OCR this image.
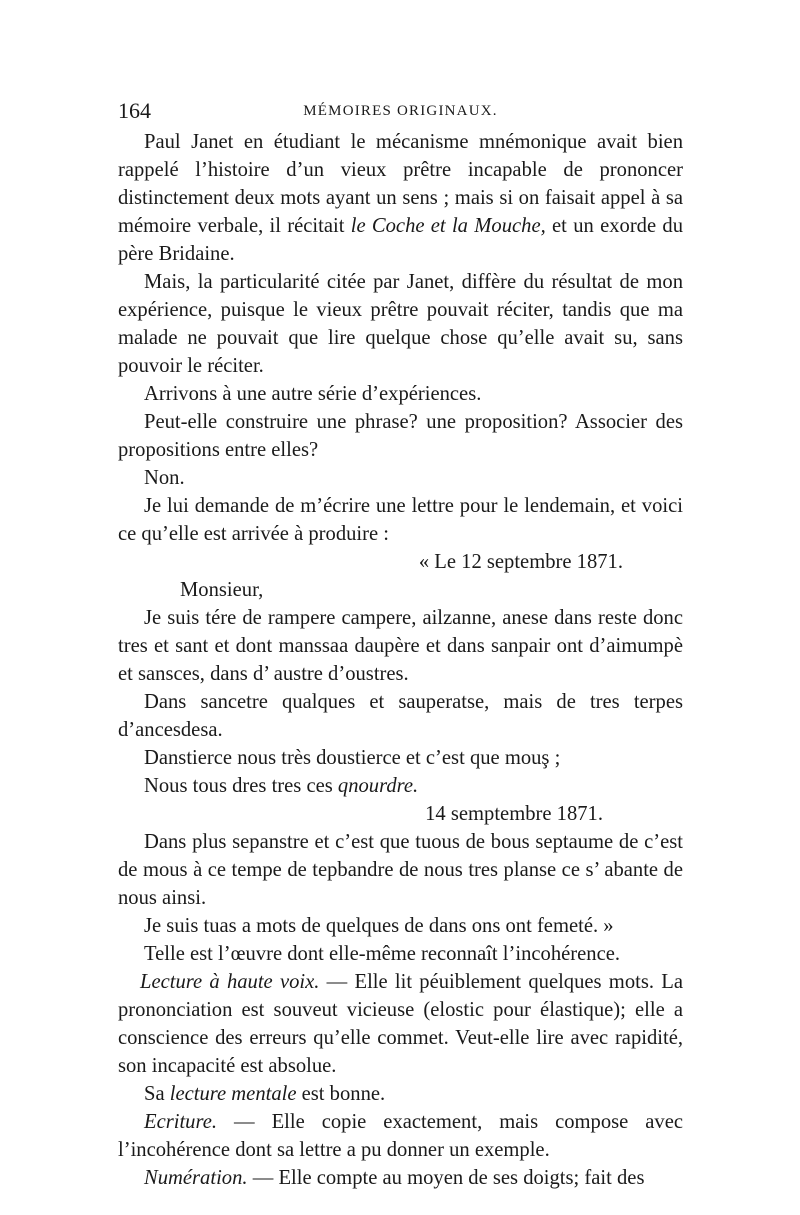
164	MÉMOIRES ORIGINAUX.

Paul Janet en étudiant le mécanisme mnémonique avait bien rappelé l’histoire d’un vieux prêtre incapable de prononcer distinctement deux mots ayant un sens ; mais si on faisait appel à sa mémoire verbale, il récitait le Coche et la Mouche, et un exorde du père Bridaine.

Mais, la particularité citée par Janet, diffère du résultat de mon expérience, puisque le vieux prêtre pouvait réciter, tandis que ma malade ne pouvait que lire quelque chose qu’elle avait su, sans pouvoir le réciter.

Arrivons à une autre série d’expériences.

Peut-elle construire une phrase? une proposition? Associer des propositions entre elles?

Non.

Je lui demande de m’écrire une lettre pour le lendemain, et voici ce qu’elle est arrivée à produire :

« Le 12 septembre 1871.

Monsieur,

Je suis tére de rampere campere, ailzanne, anese dans reste donc tres et sant et dont manssaa daupère et dans sanpair ont d’aimumpè et sansces, dans d’ austre d’oustres.

Dans sancetre qualques et sauperatse, mais de tres terpes d’ancesdesa.

Danstierce nous très doustierce et c’est que mouş ;

Nous tous dres tres ces qnourdre.

14 semptembre 1871.

Dans plus sepanstre et c’est que tuous de bous septaume de c’est de mous à ce tempe de tepbandre de nous tres planse ce s’ abante de nous ainsi.

Je suis tuas a mots de quelques de dans ons ont femeté. »

Telle est l’œuvre dont elle-même reconnaît l’incohérence.

Lecture à haute voix. — Elle lit péuiblement quelques mots. La prononciation est souveut vicieuse (elostic pour élastique); elle a conscience des erreurs qu’elle commet. Veut-elle lire avec rapidité, son incapacité est absolue.

Sa lecture mentale est bonne.

Ecriture. — Elle copie exactement, mais compose avec l’incohérence dont sa lettre a pu donner un exemple.

Numération. — Elle compte au moyen de ses doigts; fait des
